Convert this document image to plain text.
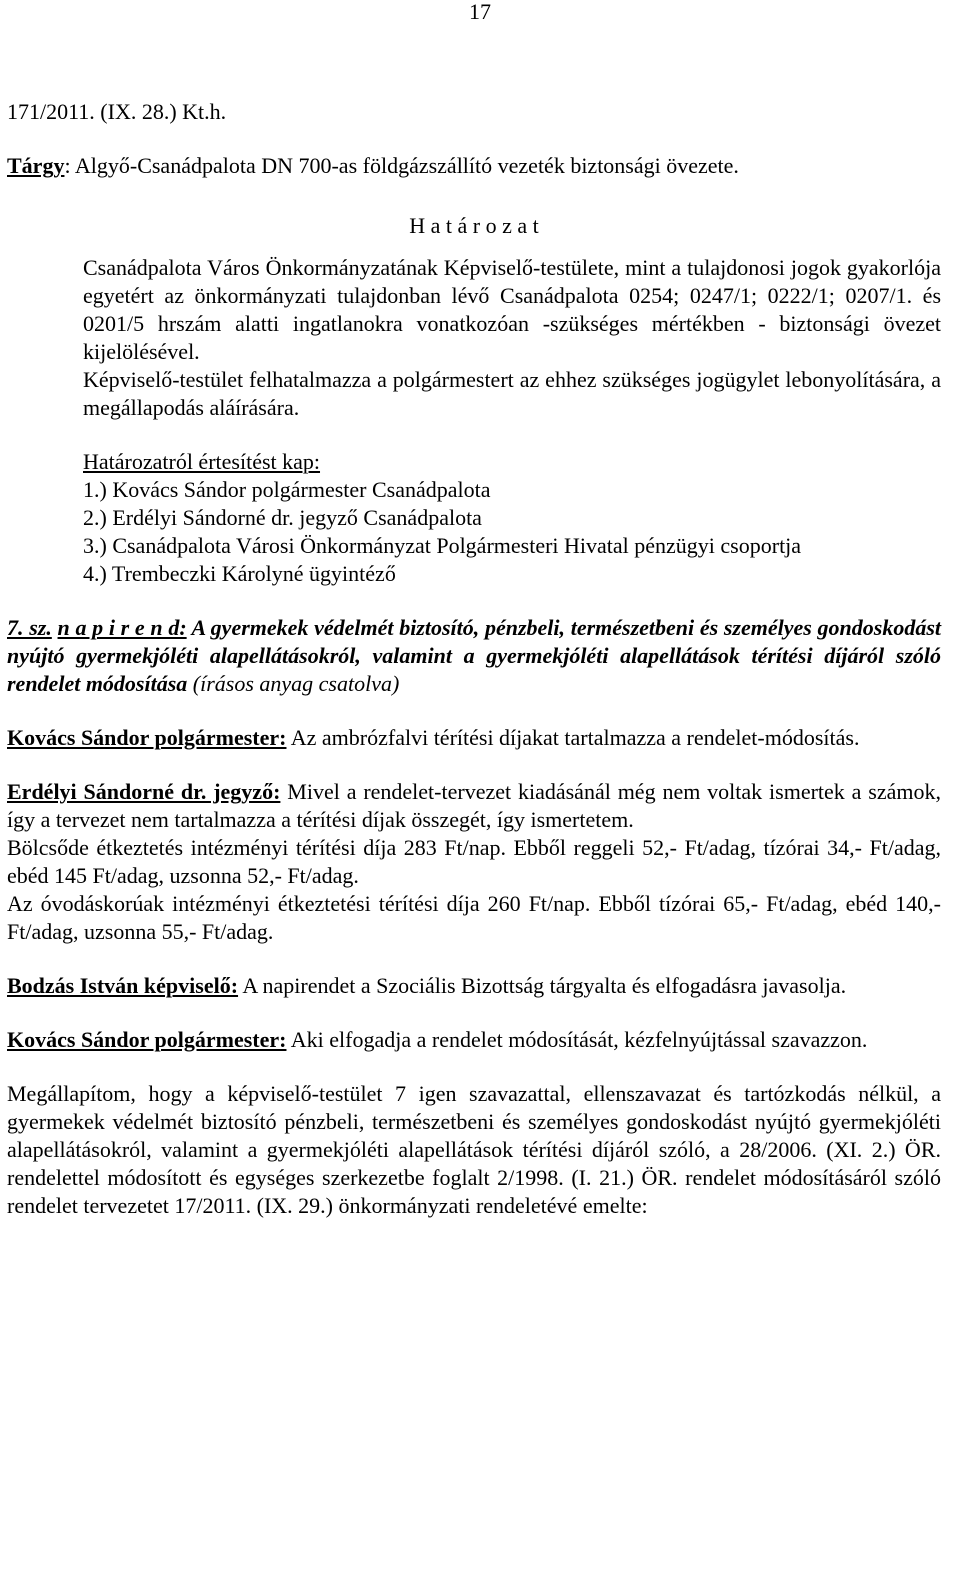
17

171/2011. (IX. 28.) Kt.h.

Tárgy: Algyő-Csanádpalota DN 700-as földgázszállító vezeték biztonsági övezete.

H a t á r o z a t

Csanádpalota Város Önkormányzatának Képviselő-testülete, mint a tulajdonosi jogok gyakorlója egyetért az önkormányzati tulajdonban lévő Csanádpalota 0254; 0247/1; 0222/1; 0207/1. és 0201/5 hrszám alatti ingatlanokra vonatkozóan -szükséges mértékben - biztonsági övezet kijelölésével.

Képviselő-testület felhatalmazza a polgármestert az ehhez szükséges jogügylet lebonyolítására, a megállapodás aláírására.

Határozatról értesítést kap:

1.) Kovács Sándor polgármester Csanádpalota

2.) Erdélyi Sándorné dr. jegyző Csanádpalota

3.) Csanádpalota Városi Önkormányzat Polgármesteri Hivatal pénzügyi csoportja

4.) Trembeczki Károlyné ügyintéző

7. sz. n a p i r e n d: A gyermekek védelmét biztosító, pénzbeli, természetbeni és személyes gondoskodást nyújtó gyermekjóléti alapellátásokról, valamint a gyermekjóléti alapellátások térítési díjáról szóló rendelet módosítása (írásos anyag csatolva)

Kovács Sándor polgármester: Az ambrózfalvi térítési díjakat tartalmazza a rendelet-módosítás.

Erdélyi Sándorné dr. jegyző: Mivel a rendelet-tervezet kiadásánál még nem voltak ismertek a számok, így a tervezet nem tartalmazza a térítési díjak összegét, így ismertetem.

Bölcsőde étkeztetés intézményi térítési díja 283 Ft/nap. Ebből reggeli 52,- Ft/adag, tízórai 34,- Ft/adag, ebéd 145 Ft/adag, uzsonna 52,- Ft/adag.

Az óvodáskorúak intézményi étkeztetési térítési díja 260 Ft/nap. Ebből tízórai 65,- Ft/adag, ebéd 140,- Ft/adag, uzsonna 55,- Ft/adag.

Bodzás István képviselő: A napirendet a Szociális Bizottság tárgyalta és elfogadásra javasolja.

Kovács Sándor polgármester: Aki elfogadja a rendelet módosítását, kézfelnyújtással szavazzon.

Megállapítom, hogy a képviselő-testület 7 igen szavazattal, ellenszavazat és tartózkodás nélkül, a gyermekek védelmét biztosító pénzbeli, természetbeni és személyes gondoskodást nyújtó gyermekjóléti alapellátásokról, valamint a gyermekjóléti alapellátások térítési díjáról szóló, a 28/2006. (XI. 2.) ÖR. rendelettel módosított és egységes szerkezetbe foglalt 2/1998. (I. 21.) ÖR. rendelet módosításáról szóló rendelet tervezetet 17/2011. (IX. 29.) önkormányzati rendeletévé emelte:
